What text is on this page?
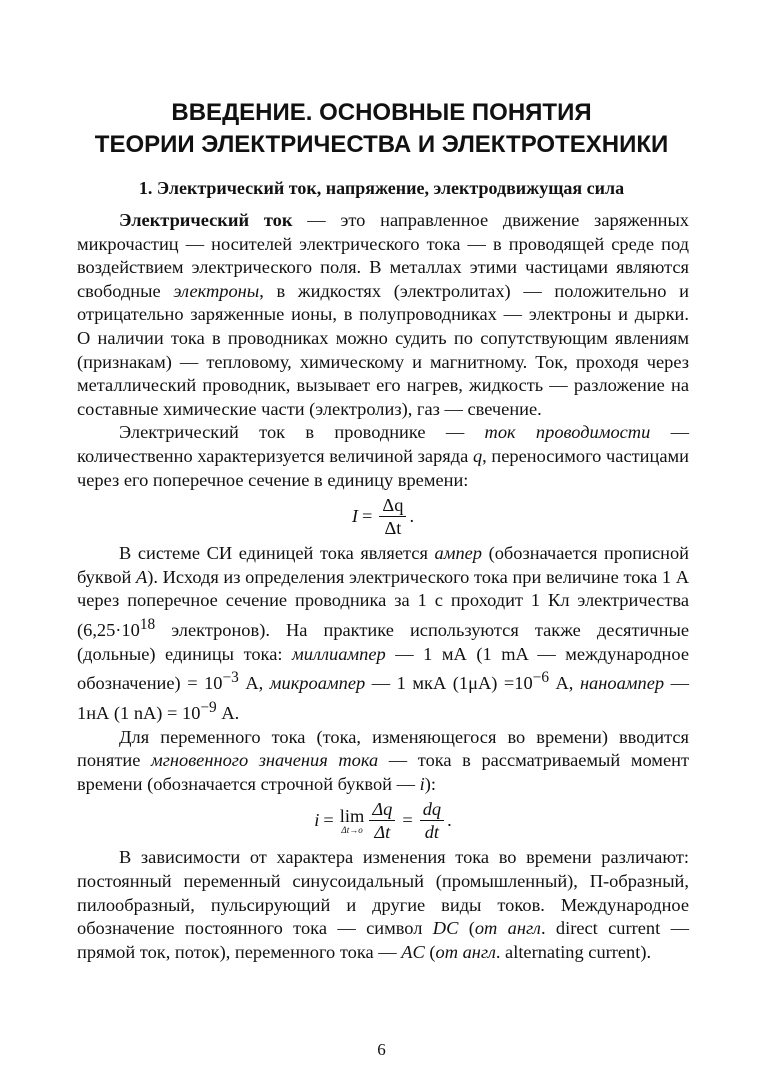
ВВЕДЕНИЕ. ОСНОВНЫЕ ПОНЯТИЯ
ТЕОРИИ ЭЛЕКТРИЧЕСТВА И ЭЛЕКТРОТЕХНИКИ
1. Электрический ток, напряжение, электродвижущая сила

Электрический ток — это направленное движение заряженных микрочастиц — носителей электрического тока — в проводящей среде под воздействием электрического поля. В металлах этими частицами являются свободные электроны, в жидкостях (электролитах) — положительно и отрицательно заряженные ионы, в полупроводниках — электроны и дырки. О наличии тока в проводниках можно судить по сопутствующим явлениям (признакам) — тепловому, химическому и магнитному. Ток, проходя через металлический проводник, вызывает его нагрев, жидкость — разложение на составные химические части (электролиз), газ — свечение.

Электрический ток в проводнике — ток проводимости — количественно характеризуется величиной заряда q, переносимого частицами через его поперечное сечение в единицу времени:

$I = \frac{\Delta q}{\Delta t}$ .

В системе СИ единицей тока является ампер (обозначается прописной буквой А). Исходя из определения электрического тока при величине тока 1 А через поперечное сечение проводника за 1 с проходит 1 Кл электричества ($6,25\cdot 10^{18}$ электронов). На практике используются также десятичные (дольные) единицы тока: миллиампер — 1 мА (1 mA — международное обозначение) = $10^{-3}$ А, микроампер — 1 мкА $(1\mu A) =10^{-6}$ А, наноампер — 1нА (1 $nA) = 10^{-9}$ А.

Для переменного тока (тока, изменяющегося во времени) вводится понятие мгновенного значения тока — тока в рассматриваемый момент времени (обозначается строчной буквой — i):

i = lim
$\Delta t\to o \frac{\Delta q}{\Delta t} = \frac{dq}{dt}$ .

В зависимости от характера изменения тока во времени различают: постоянный переменный синусоидальный (промышленный), П-образный, пилообразный, пульсирующий и другие виды токов. Международное обозначение постоянного тока — символ DC (от англ. direct current — прямой ток, поток), переменного тока — AC (от англ. alternating current).

6
